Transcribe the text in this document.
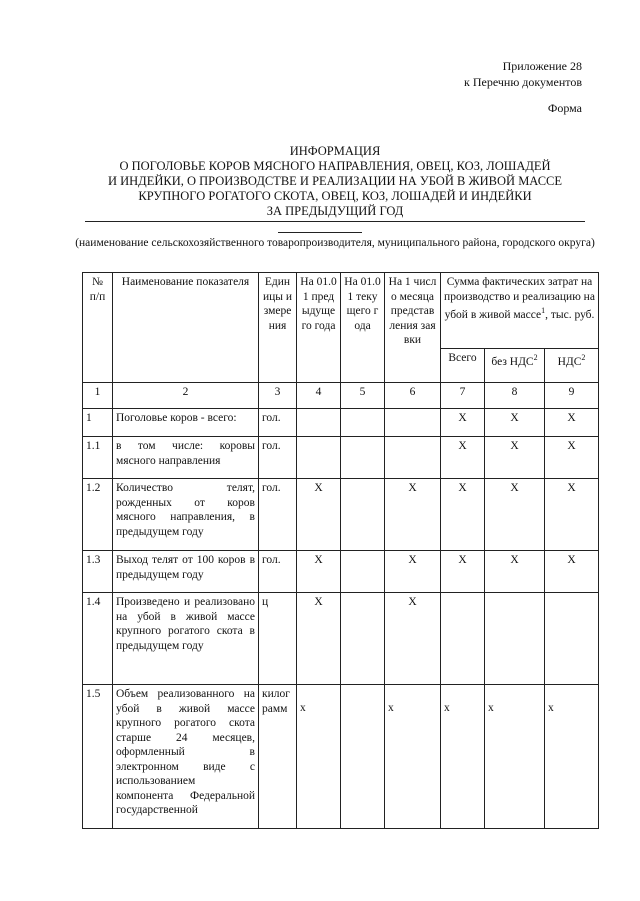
Приложение 28
к Перечню документов
Форма
ИНФОРМАЦИЯ
О ПОГОЛОВЬЕ КОРОВ МЯСНОГО НАПРАВЛЕНИЯ, ОВЕЦ, КОЗ, ЛОШАДЕЙ
И ИНДЕЙКИ, О ПРОИЗВОДСТВЕ И РЕАЛИЗАЦИИ НА УБОЙ В ЖИВОЙ МАССЕ
КРУПНОГО РОГАТОГО СКОТА, ОВЕЦ, КОЗ, ЛОШАДЕЙ И ИНДЕЙКИ
ЗА ПРЕДЫДУЩИЙ ГОД
(наименование сельскохозяйственного товаропроизводителя, муниципального района, городского округа)
№ п/п	Наименование показателя	Единицы измерения	На 01.01 предыдущего года	На 01.01 текущего года	На 1 число месяца представления заявки	Сумма фактических затрат на производство и реализацию на убой в живой массе$^1$, тыс. руб.		
						Всего	без НДС$^2$	НДС$^2$
1	2	3	4	5	6	7	8	9
1	Поголовье коров - всего:	гол.				X	X	X
1.1	в том числе: коровы мясного направления	гол.				X	X	X
1.2	Количество телят, рожденных от коров мясного направления, в предыдущем году	гол.	X		X	X	X	X
1.3	Выход телят от 100 коров в предыдущем году	гол.	X		X	X	X	X
1.4	Произведено и реализовано на убой в живой массе крупного рогатого скота в предыдущем году	ц	X		X			
1.5	Объем реализованного на убой в живой массе крупного рогатого скота старше 24 месяцев, оформленный в электронном виде с использованием компонента Федеральной государственной	килограмм	x		x	x	x	x
